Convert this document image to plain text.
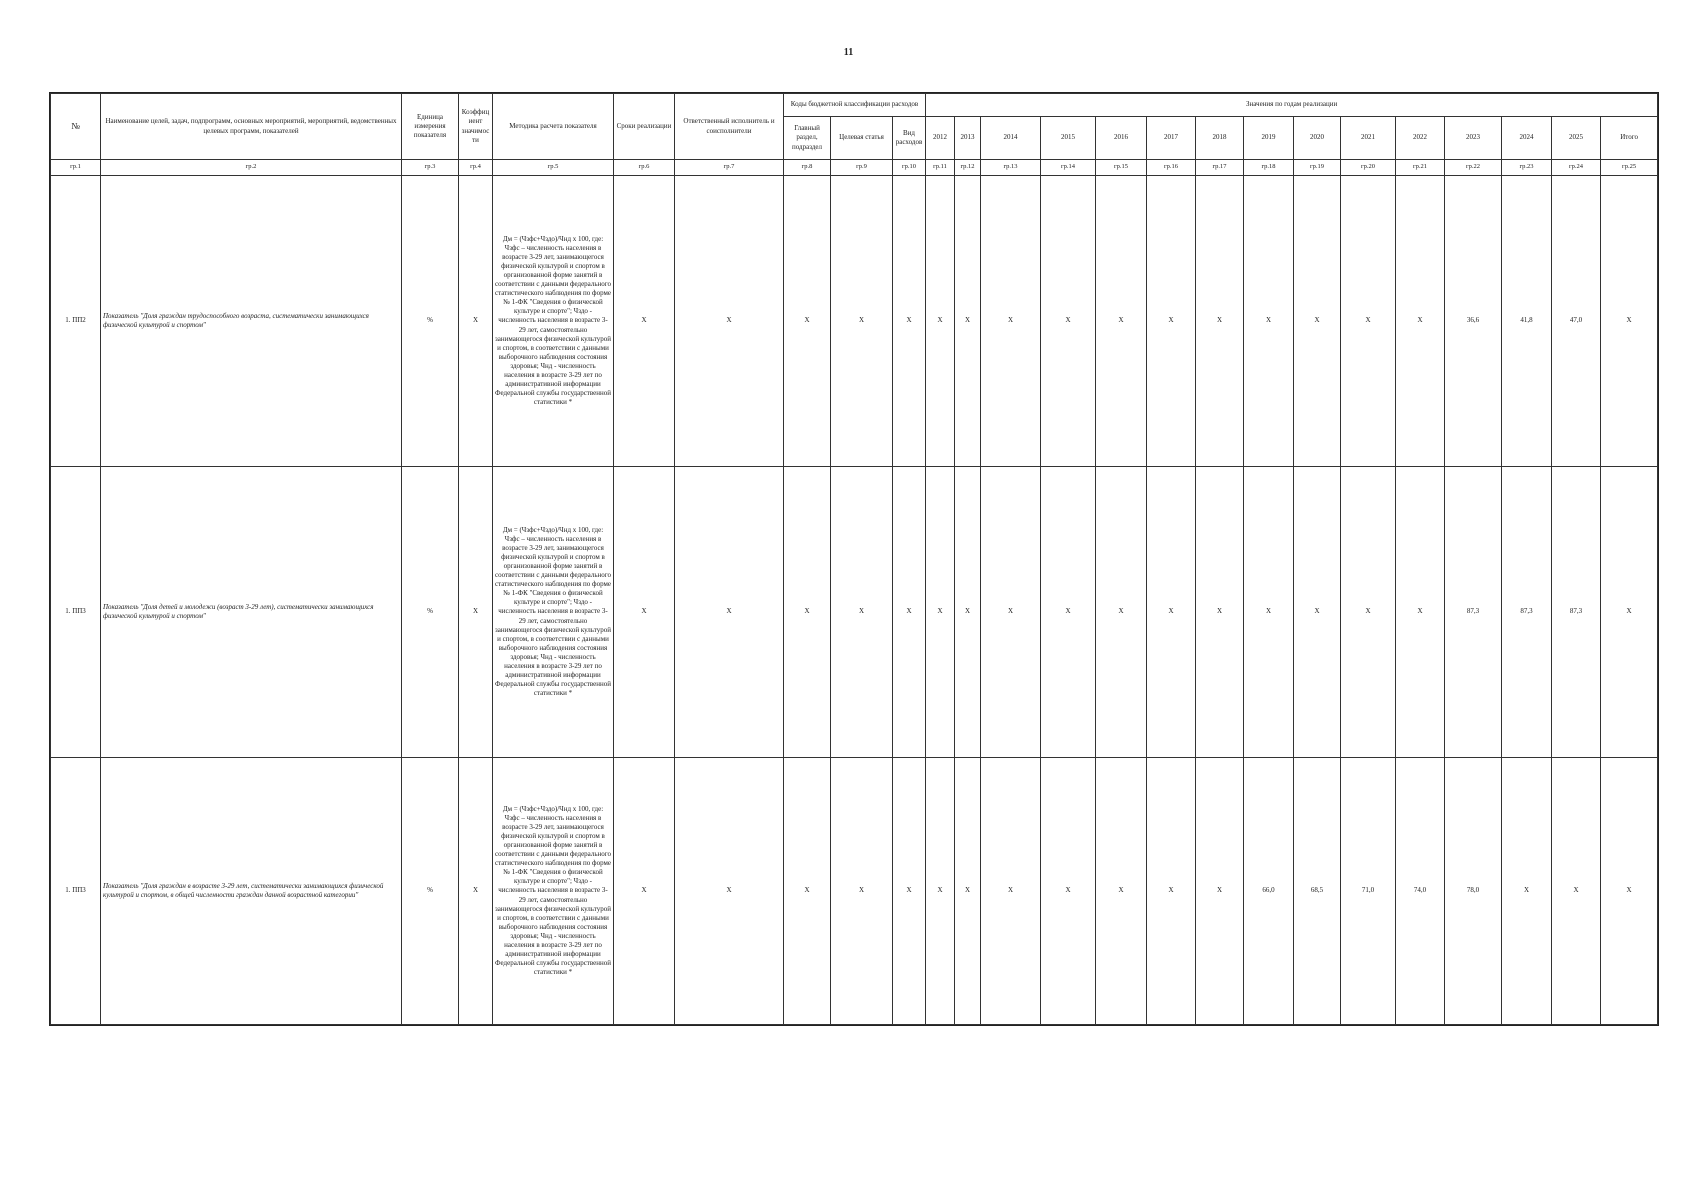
11
№	Наименование целей, задач, подпрограмм, основных мероприятий, мероприятий, ведомственных целевых программ, показателей	Единица измерения показателя	Коэффициент значимости	Методика расчета показателя	Сроки реализации	Ответственный исполнитель и соисполнители	Коды бюджетной классификации расходов			Значения по годам реализации														
							Главный раздел, подраздел	Целевая статья	Вид расходов	2012	2013	2014	2015	2016	2017	2018	2019	2020	2021	2022	2023	2024	2025	Итого
гр.1	гр.2	гр.3	гр.4	гр.5	гр.6	гр.7	гр.8	гр.9	гр.10	гр.11	гр.12	гр.13	гр.14	гр.15	гр.16	гр.17	гр.18	гр.19	гр.20	гр.21	гр.22	гр.23	гр.24	гр.25
1. ПП2	Показатель "Доля граждан трудоспособного возраста, систематически занимающихся физической культурой и спортом"	%	Х	Дм = (Чзфс+Чздо)/Чнд х 100, где: Чзфс – численность населения в возрасте 3-29 лет, занимающегося физической культурой и спортом в организованной форме занятий в соответствии с данными федерального статистического наблюдения по форме № 1-ФК "Сведения о физической культуре и спорте"; Чздо - численность населения в возрасте 3-29 лет, самостоятельно занимающегося физической культурой и спортом, в соответствии с данными выборочного наблюдения состояния здоровья; Чнд - численность населения в возрасте 3-29 лет по административной информации Федеральной службы государственной статистики *	Х	Х	Х	Х	Х	Х	Х	Х	Х	Х	Х	Х	Х	Х	Х	Х	36,6	41,8	47,0	Х
1. ПП3	Показатель "Доля детей и молодежи (возраст 3-29 лет), систематически занимающихся физической культурой и спортом"	%	Х	Дм = (Чзфс+Чздо)/Чнд х 100, где: Чзфс – численность населения в возрасте 3-29 лет, занимающегося физической культурой и спортом в организованной форме занятий в соответствии с данными федерального статистического наблюдения по форме № 1-ФК "Сведения о физической культуре и спорте"; Чздо - численность населения в возрасте 3-29 лет, самостоятельно занимающегося физической культурой и спортом, в соответствии с данными выборочного наблюдения состояния здоровья; Чнд - численность населения в возрасте 3-29 лет по административной информации Федеральной службы государственной статистики *	Х	Х	Х	Х	Х	Х	Х	Х	Х	Х	Х	Х	Х	Х	Х	Х	87,3	87,3	87,3	Х
1. ПП3	Показатель "Доля граждан в возрасте 3-29 лет, систематически занимающихся физической культурой и спортом, в общей численности граждан данной возрастной категории"	%	Х	Дм = (Чзфс+Чздо)/Чнд х 100, где: Чзфс – численность населения в возрасте 3-29 лет, занимающегося физической культурой и спортом в организованной форме занятий в соответствии с данными федерального статистического наблюдения по форме № 1-ФК "Сведения о физической культуре и спорте"; Чздо - численность населения в возрасте 3-29 лет, самостоятельно занимающегося физической культурой и спортом, в соответствии с данными выборочного наблюдения состояния здоровья; Чнд - численность населения в возрасте 3-29 лет по административной информации Федеральной службы государственной статистики *	Х	Х	Х	Х	Х	Х	Х	Х	Х	Х	Х	Х	66,0	68,5	71,0	74,0	78,0	Х	Х	Х
